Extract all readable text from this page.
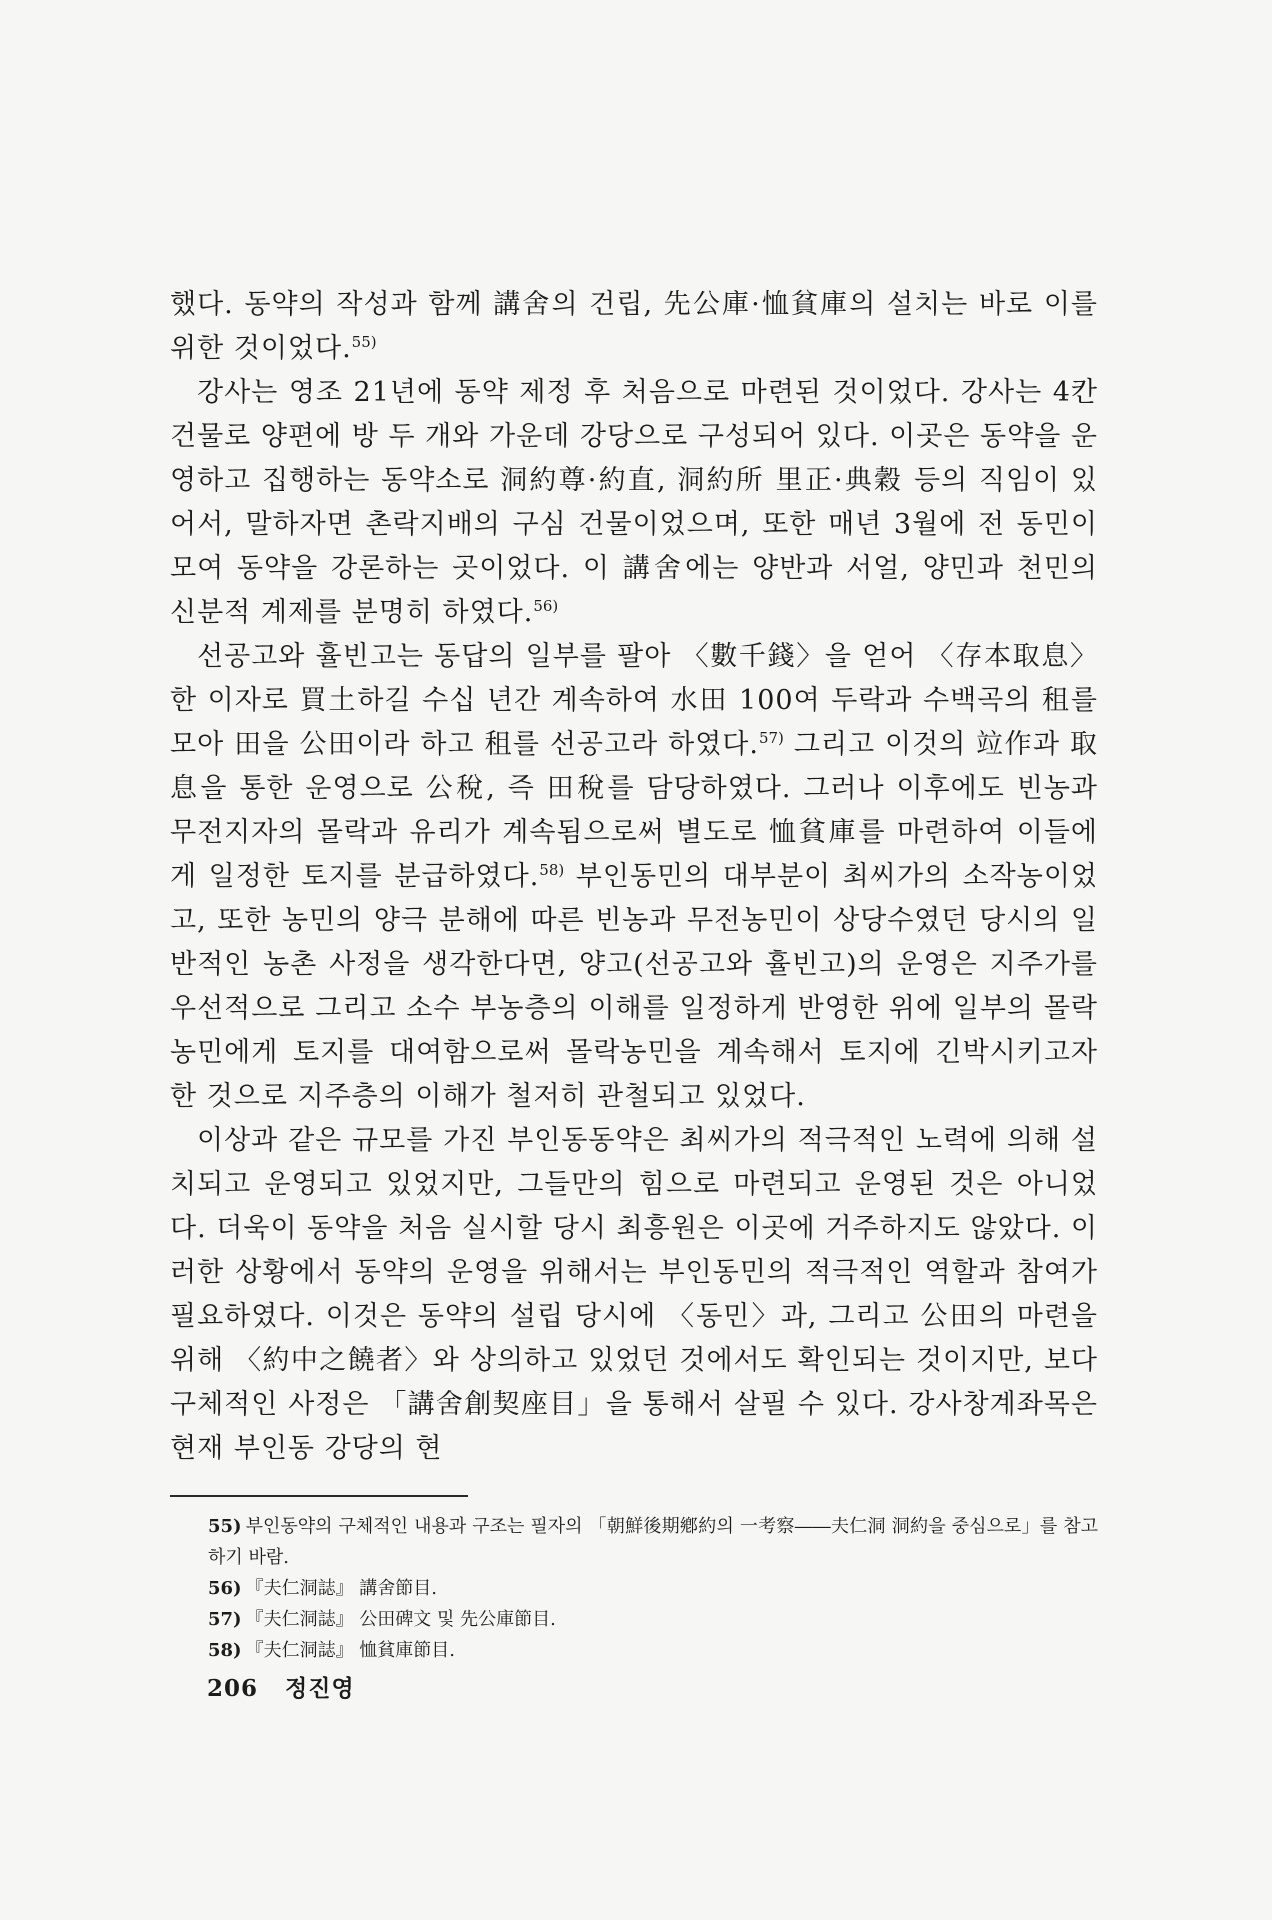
했다. 동약의 작성과 함께 講舍의 건립, 先公庫·恤貧庫의 설치는 바로 이를 위한 것이었다.$^{55)}$

강사는 영조 21년에 동약 제정 후 처음으로 마련된 것이었다. 강사는 4칸 건물로 양편에 방 두 개와 가운데 강당으로 구성되어 있다. 이곳은 동약을 운영하고 집행하는 동약소로 洞約尊·約直, 洞約所 里正·典穀 등의 직임이 있어서, 말하자면 촌락지배의 구심 건물이었으며, 또한 매년 3월에 전 동민이 모여 동약을 강론하는 곳이었다. 이 講舍에는 양반과 서얼, 양민과 천민의 신분적 계제를 분명히 하였다.$^{56)}$

선공고와 휼빈고는 동답의 일부를 팔아 〈數千錢〉을 얻어 〈存本取息〉한 이자로 買土하길 수십 년간 계속하여 水田 100여 두락과 수백곡의 租를 모아 田을 公田이라 하고 租를 선공고라 하였다.$^{57)}$ 그리고 이것의 竝作과 取息을 통한 운영으로 公稅, 즉 田稅를 담당하였다. 그러나 이후에도 빈농과 무전지자의 몰락과 유리가 계속됨으로써 별도로 恤貧庫를 마련하여 이들에게 일정한 토지를 분급하였다.$^{58)}$ 부인동민의 대부분이 최씨가의 소작농이었고, 또한 농민의 양극 분해에 따른 빈농과 무전농민이 상당수였던 당시의 일반적인 농촌 사정을 생각한다면, 양고(선공고와 휼빈고)의 운영은 지주가를 우선적으로 그리고 소수 부농층의 이해를 일정하게 반영한 위에 일부의 몰락농민에게 토지를 대여함으로써 몰락농민을 계속해서 토지에 긴박시키고자 한 것으로 지주층의 이해가 철저히 관철되고 있었다.

이상과 같은 규모를 가진 부인동동약은 최씨가의 적극적인 노력에 의해 설치되고 운영되고 있었지만, 그들만의 힘으로 마련되고 운영된 것은 아니었다. 더욱이 동약을 처음 실시할 당시 최흥원은 이곳에 거주하지도 않았다. 이러한 상황에서 동약의 운영을 위해서는 부인동민의 적극적인 역할과 참여가 필요하였다. 이것은 동약의 설립 당시에 〈동민〉과, 그리고 公田의 마련을 위해 〈約中之饒者〉와 상의하고 있었던 것에서도 확인되는 것이지만, 보다 구체적인 사정은 「講舍創契座目」을 통해서 살필 수 있다. 강사창계좌목은 현재 부인동 강당의 현

55) 부인동약의 구체적인 내용과 구조는 필자의 「朝鮮後期鄕約의 一考察――夫仁洞 洞約을 중심으로」를 참고하기 바람.

56) 『夫仁洞誌』 講舍節目.

57) 『夫仁洞誌』 公田碑文 및 先公庫節目.

58) 『夫仁洞誌』 恤貧庫節目.

206 정진영
